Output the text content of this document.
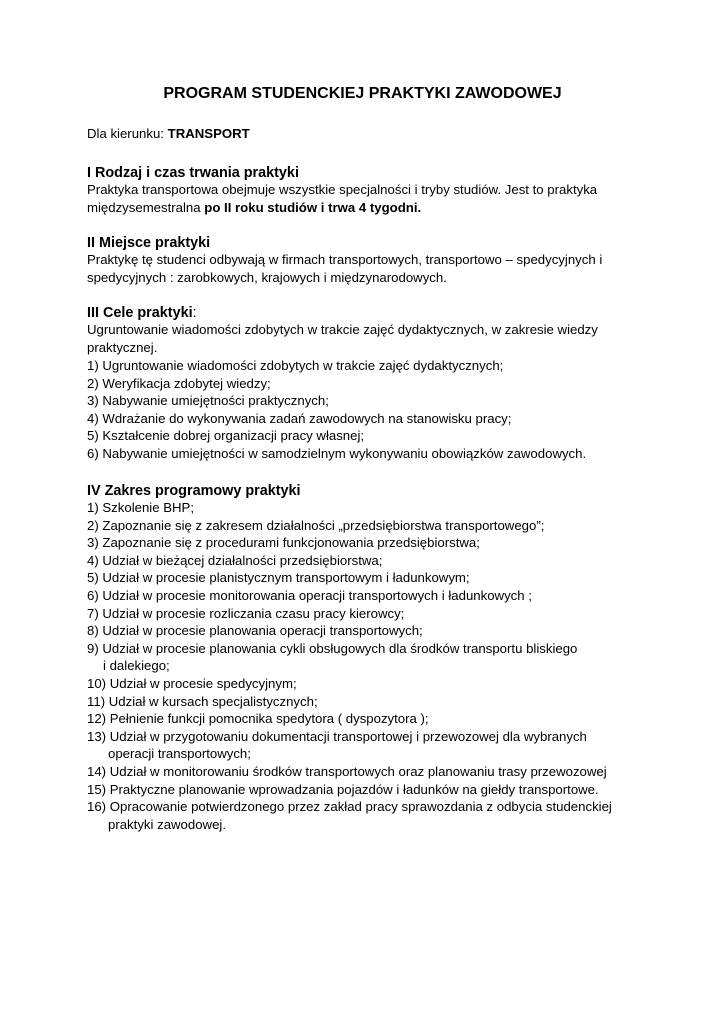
PROGRAM STUDENCKIEJ PRAKTYKI ZAWODOWEJ
Dla kierunku: TRANSPORT
I Rodzaj i czas trwania praktyki
Praktyka transportowa obejmuje wszystkie specjalności i tryby studiów. Jest to praktyka
międzysemestralna po II roku studiów i trwa 4 tygodni.
II Miejsce praktyki
Praktykę tę studenci odbywają w firmach transportowych, transportowo – spedycyjnych i
spedycyjnych : zarobkowych, krajowych i międzynarodowych.
III Cele praktyki:
Ugruntowanie wiadomości zdobytych w trakcie zajęć dydaktycznych, w zakresie wiedzy
praktycznej.
1) Ugruntowanie wiadomości zdobytych w trakcie zajęć dydaktycznych;
2) Weryfikacja zdobytej wiedzy;
3) Nabywanie umiejętności praktycznych;
4) Wdrażanie do wykonywania zadań zawodowych na stanowisku pracy;
5) Kształcenie dobrej organizacji pracy własnej;
6) Nabywanie umiejętności w samodzielnym wykonywaniu obowiązków zawodowych.
IV Zakres programowy praktyki
1) Szkolenie BHP;
2) Zapoznanie się z zakresem działalności „przedsiębiorstwa transportowego”;
3) Zapoznanie się z procedurami funkcjonowania przedsiębiorstwa;
4) Udział w bieżącej działalności przedsiębiorstwa;
5) Udział w procesie planistycznym transportowym i ładunkowym;
6) Udział w procesie monitorowania operacji transportowych i ładunkowych ;
7) Udział w procesie rozliczania czasu pracy kierowcy;
8) Udział w procesie planowania operacji transportowych;
9) Udział w procesie planowania cykli obsługowych dla środków transportu bliskiego
i dalekiego;
10) Udział w procesie spedycyjnym;
11) Udział w kursach specjalistycznych;
12) Pełnienie funkcji pomocnika spedytora ( dyspozytora );
13) Udział w przygotowaniu dokumentacji transportowej i przewozowej dla wybranych
operacji transportowych;
14) Udział w monitorowaniu środków transportowych oraz planowaniu trasy przewozowej
15) Praktyczne planowanie wprowadzania pojazdów i ładunków na giełdy transportowe.
16) Opracowanie potwierdzonego przez zakład pracy sprawozdania z odbycia studenckiej
praktyki zawodowej.
